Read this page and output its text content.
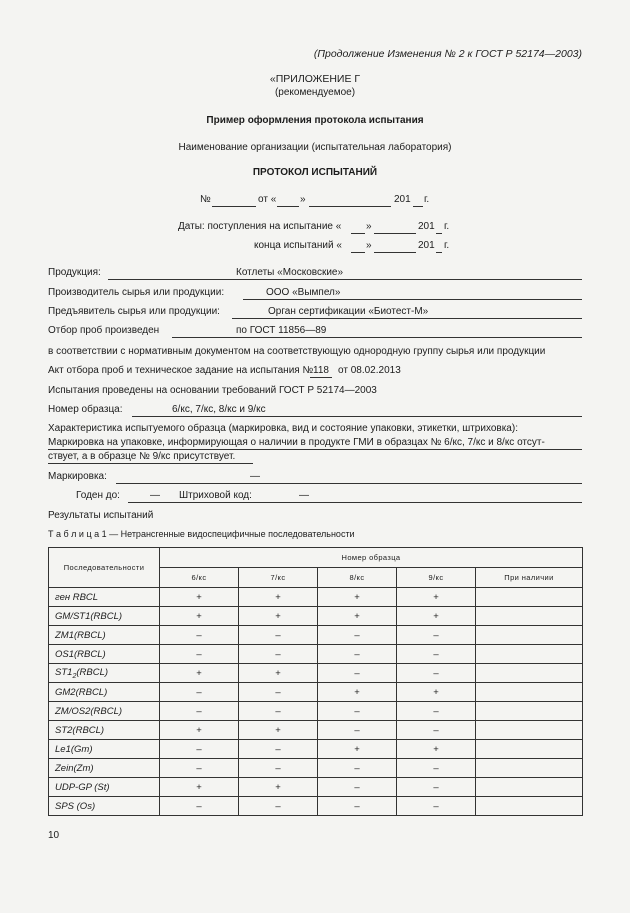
(Продолжение Изменения № 2 к ГОСТ Р 52174—2003)
«ПРИЛОЖЕНИЕ Г
(рекомендуемое)
Пример оформления протокола испытания
Наименование организации (испытательная лаборатория)
ПРОТОКОЛ ИСПЫТАНИЙ
№	от « »	201 г.
Даты: поступления на испытание « »	201 г.
конца испытаний « »	201 г.
Продукция:	Котлеты «Московские»
Производитель сырья или продукции:	ООО «Вымпел»
Предъявитель сырья или продукции:	Орган сертификации «Биотест-М»
Отбор проб произведен	по ГОСТ 11856—89
в соответствии с нормативным документом на соответствующую однородную группу сырья или продукции
Акт отбора проб и техническое задание на испытания № 118 от 08.02.2013
Испытания проведены на основании требований ГОСТ Р 52174—2003
Номер образца:	6/кс, 7/кс, 8/кс и 9/кс
Характеристика испытуемого образца (маркировка, вид и состояние упаковки, этикетки, штриховка):
Маркировка на упаковке, информирующая о наличии в продукте ГМИ в образцах № 6/кс, 7/кс и 8/кс отсут-
ствует, а в образце № 9/кс присутствует.
Маркировка:	—
Годен до:	— Штриховой код:	—
Результаты испытаний
Т а б л и ц а 1 — Нетрансгенные видоспецифичные последовательности
Последовательности	Номер образца				
	6/кс	7/кс	8/кс	9/кс	При наличии
ген RBCL	+	+	+	+	
GM/ST1(RBCL)	+	+	+	+	
ZM1(RBCL)	–	–	–	–	
OS1(RBCL)	–	–	–	–	
$ST1_2(RBCL)$	+	+	–	–	
GM2(RBCL)	–	–	+	+	
ZM/OS2(RBCL)	–	–	–	–	
ST2(RBCL)	+	+	–	–	
Le1(Gm)	–	–	+	+	
Zein(Zm)	–	–	–	–	
UDP-GP (St)	+	+	–	–	
SPS (Os)	–	–	–	–	
10
